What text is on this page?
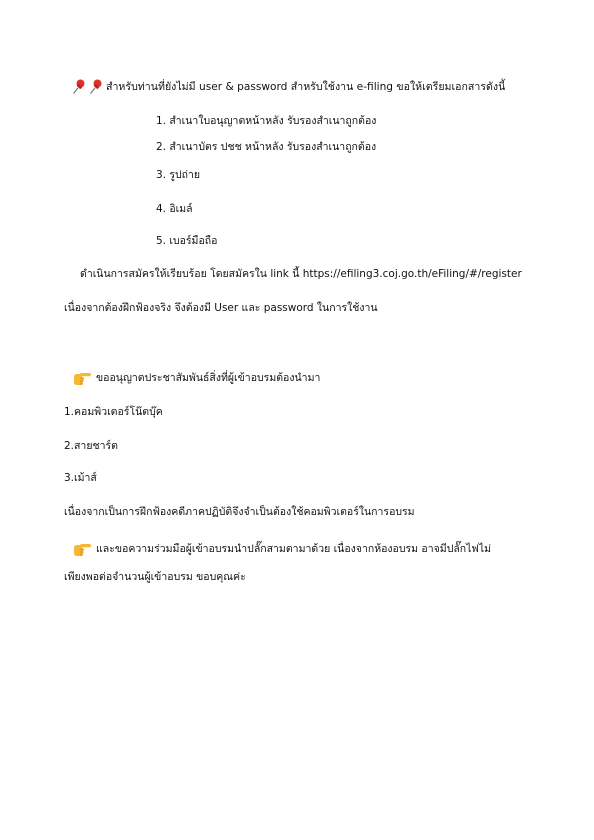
สำหรับท่านที่ยังไม่มี user & password สำหรับใช้งาน e-filing ขอให้เตรียมเอกสารดังนี้
1. สำเนาใบอนุญาตหน้าหลัง รับรองสำเนาถูกต้อง
2. สำเนาบัตร ปชช หน้าหลัง รับรองสำเนาถูกต้อง
3. รูปถ่าย
4. อิเมล์
5. เบอร์มือถือ
ดำเนินการสมัครให้เรียบร้อย โดยสมัครใน link นี้ https://efiling3.coj.go.th/eFiling/#/register
เนื่องจากต้องฝึกฟ้องจริง จึงต้องมี User และ password ในการใช้งาน
ขออนุญาตประชาสัมพันธ์สิ่งที่ผู้เข้าอบรมต้องนำมา
1.คอมพิวเตอร์โน๊ตบุ๊ค
2.สายชาร์ต
3.เม้าส์
เนื่องจากเป็นการฝึกฟ้องคดีภาคปฏิบัติจึงจำเป็นต้องใช้คอมพิวเตอร์ในการอบรม
และขอความร่วมมือผู้เข้าอบรมนำปลั๊กสามตามาด้วย เนื่องจากห้องอบรม อาจมีปลั๊กไฟไม่
เพียงพอต่อจำนวนผู้เข้าอบรม ขอบคุณค่ะ
